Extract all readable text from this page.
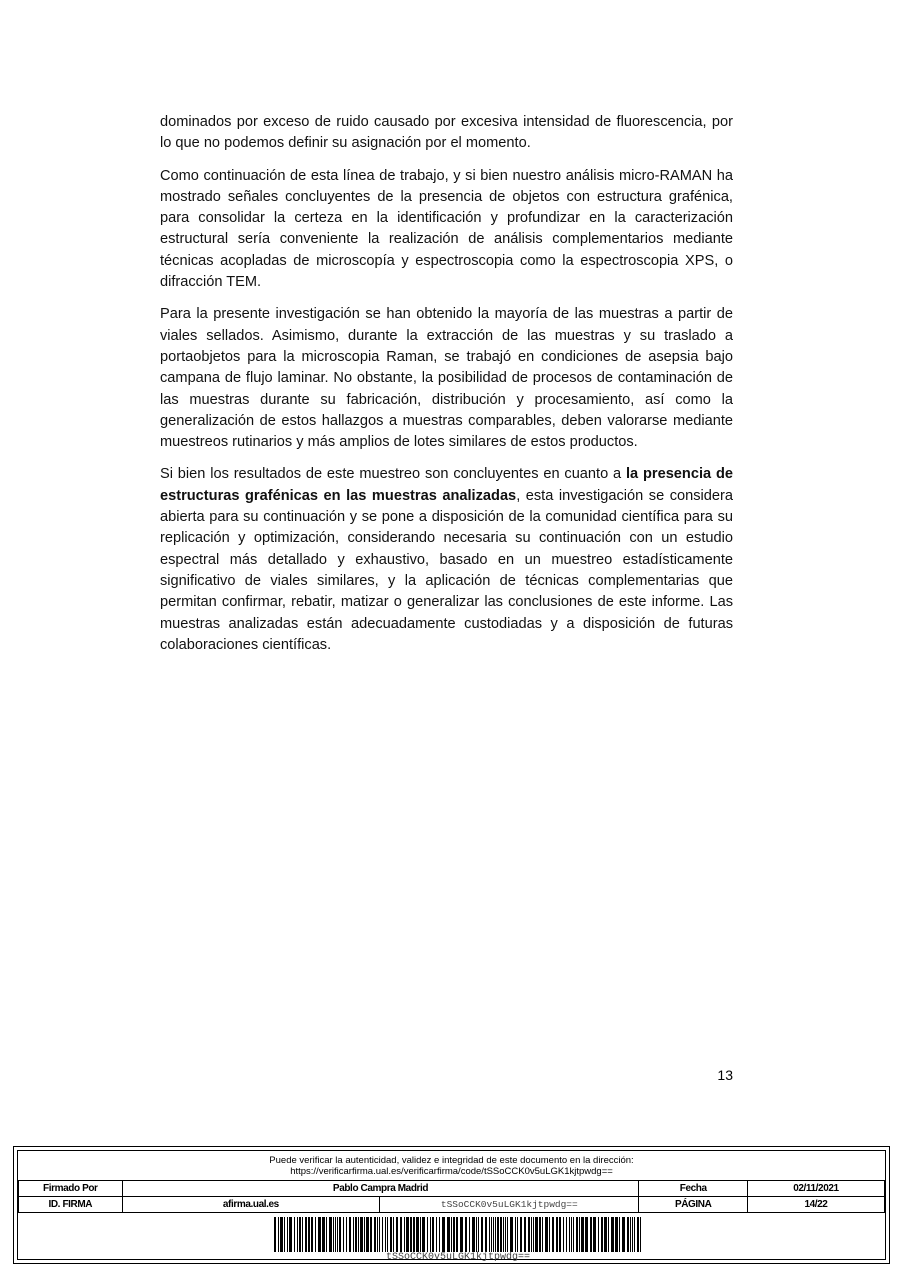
dominados por exceso de ruido causado por excesiva intensidad de fluorescencia, por lo que no podemos definir su asignación por el momento.

Como continuación de esta línea de trabajo, y si bien nuestro análisis micro-RAMAN ha mostrado señales concluyentes de la presencia de objetos con estructura grafénica, para consolidar la certeza en la identificación y profundizar en la caracterización estructural sería conveniente la realización de análisis complementarios mediante técnicas acopladas de microscopía y espectroscopia como la espectroscopia XPS, o difracción TEM.

Para la presente investigación se han obtenido la mayoría de las muestras a partir de viales sellados. Asimismo, durante la extracción de las muestras y su traslado a portaobjetos para la microscopia Raman, se trabajó en condiciones de asepsia bajo campana de flujo laminar. No obstante, la posibilidad de procesos de contaminación de las muestras durante su fabricación, distribución y procesamiento, así como la generalización de estos hallazgos a muestras comparables, deben valorarse mediante muestreos rutinarios y más amplios de lotes similares de estos productos.

Si bien los resultados de este muestreo son concluyentes en cuanto a la presencia de estructuras grafénicas en las muestras analizadas, esta investigación se considera abierta para su continuación y se pone a disposición de la comunidad científica para su replicación y optimización, considerando necesaria su continuación con un estudio espectral más detallado y exhaustivo, basado en un muestreo estadísticamente significativo de viales similares, y la aplicación de técnicas complementarias que permitan confirmar, rebatir, matizar o generalizar las conclusiones de este informe. Las muestras analizadas están adecuadamente custodiadas y a disposición de futuras colaboraciones científicas.

13
Puede verificar la autenticidad, validez e integridad de este documento en la dirección:
https://verificarfirma.ual.es/verificarfirma/code/tSSoCCK0v5uLGK1kjtpwdg==
Firmado Por	Pablo Campra Madrid		Fecha	02/11/2021
ID. FIRMA	afirma.ual.es	tSSoCCK0v5uLGK1kjtpwdg==	PÁGINA	14/22
tSSoCCK0v5uLGK1kjtpwdg==
